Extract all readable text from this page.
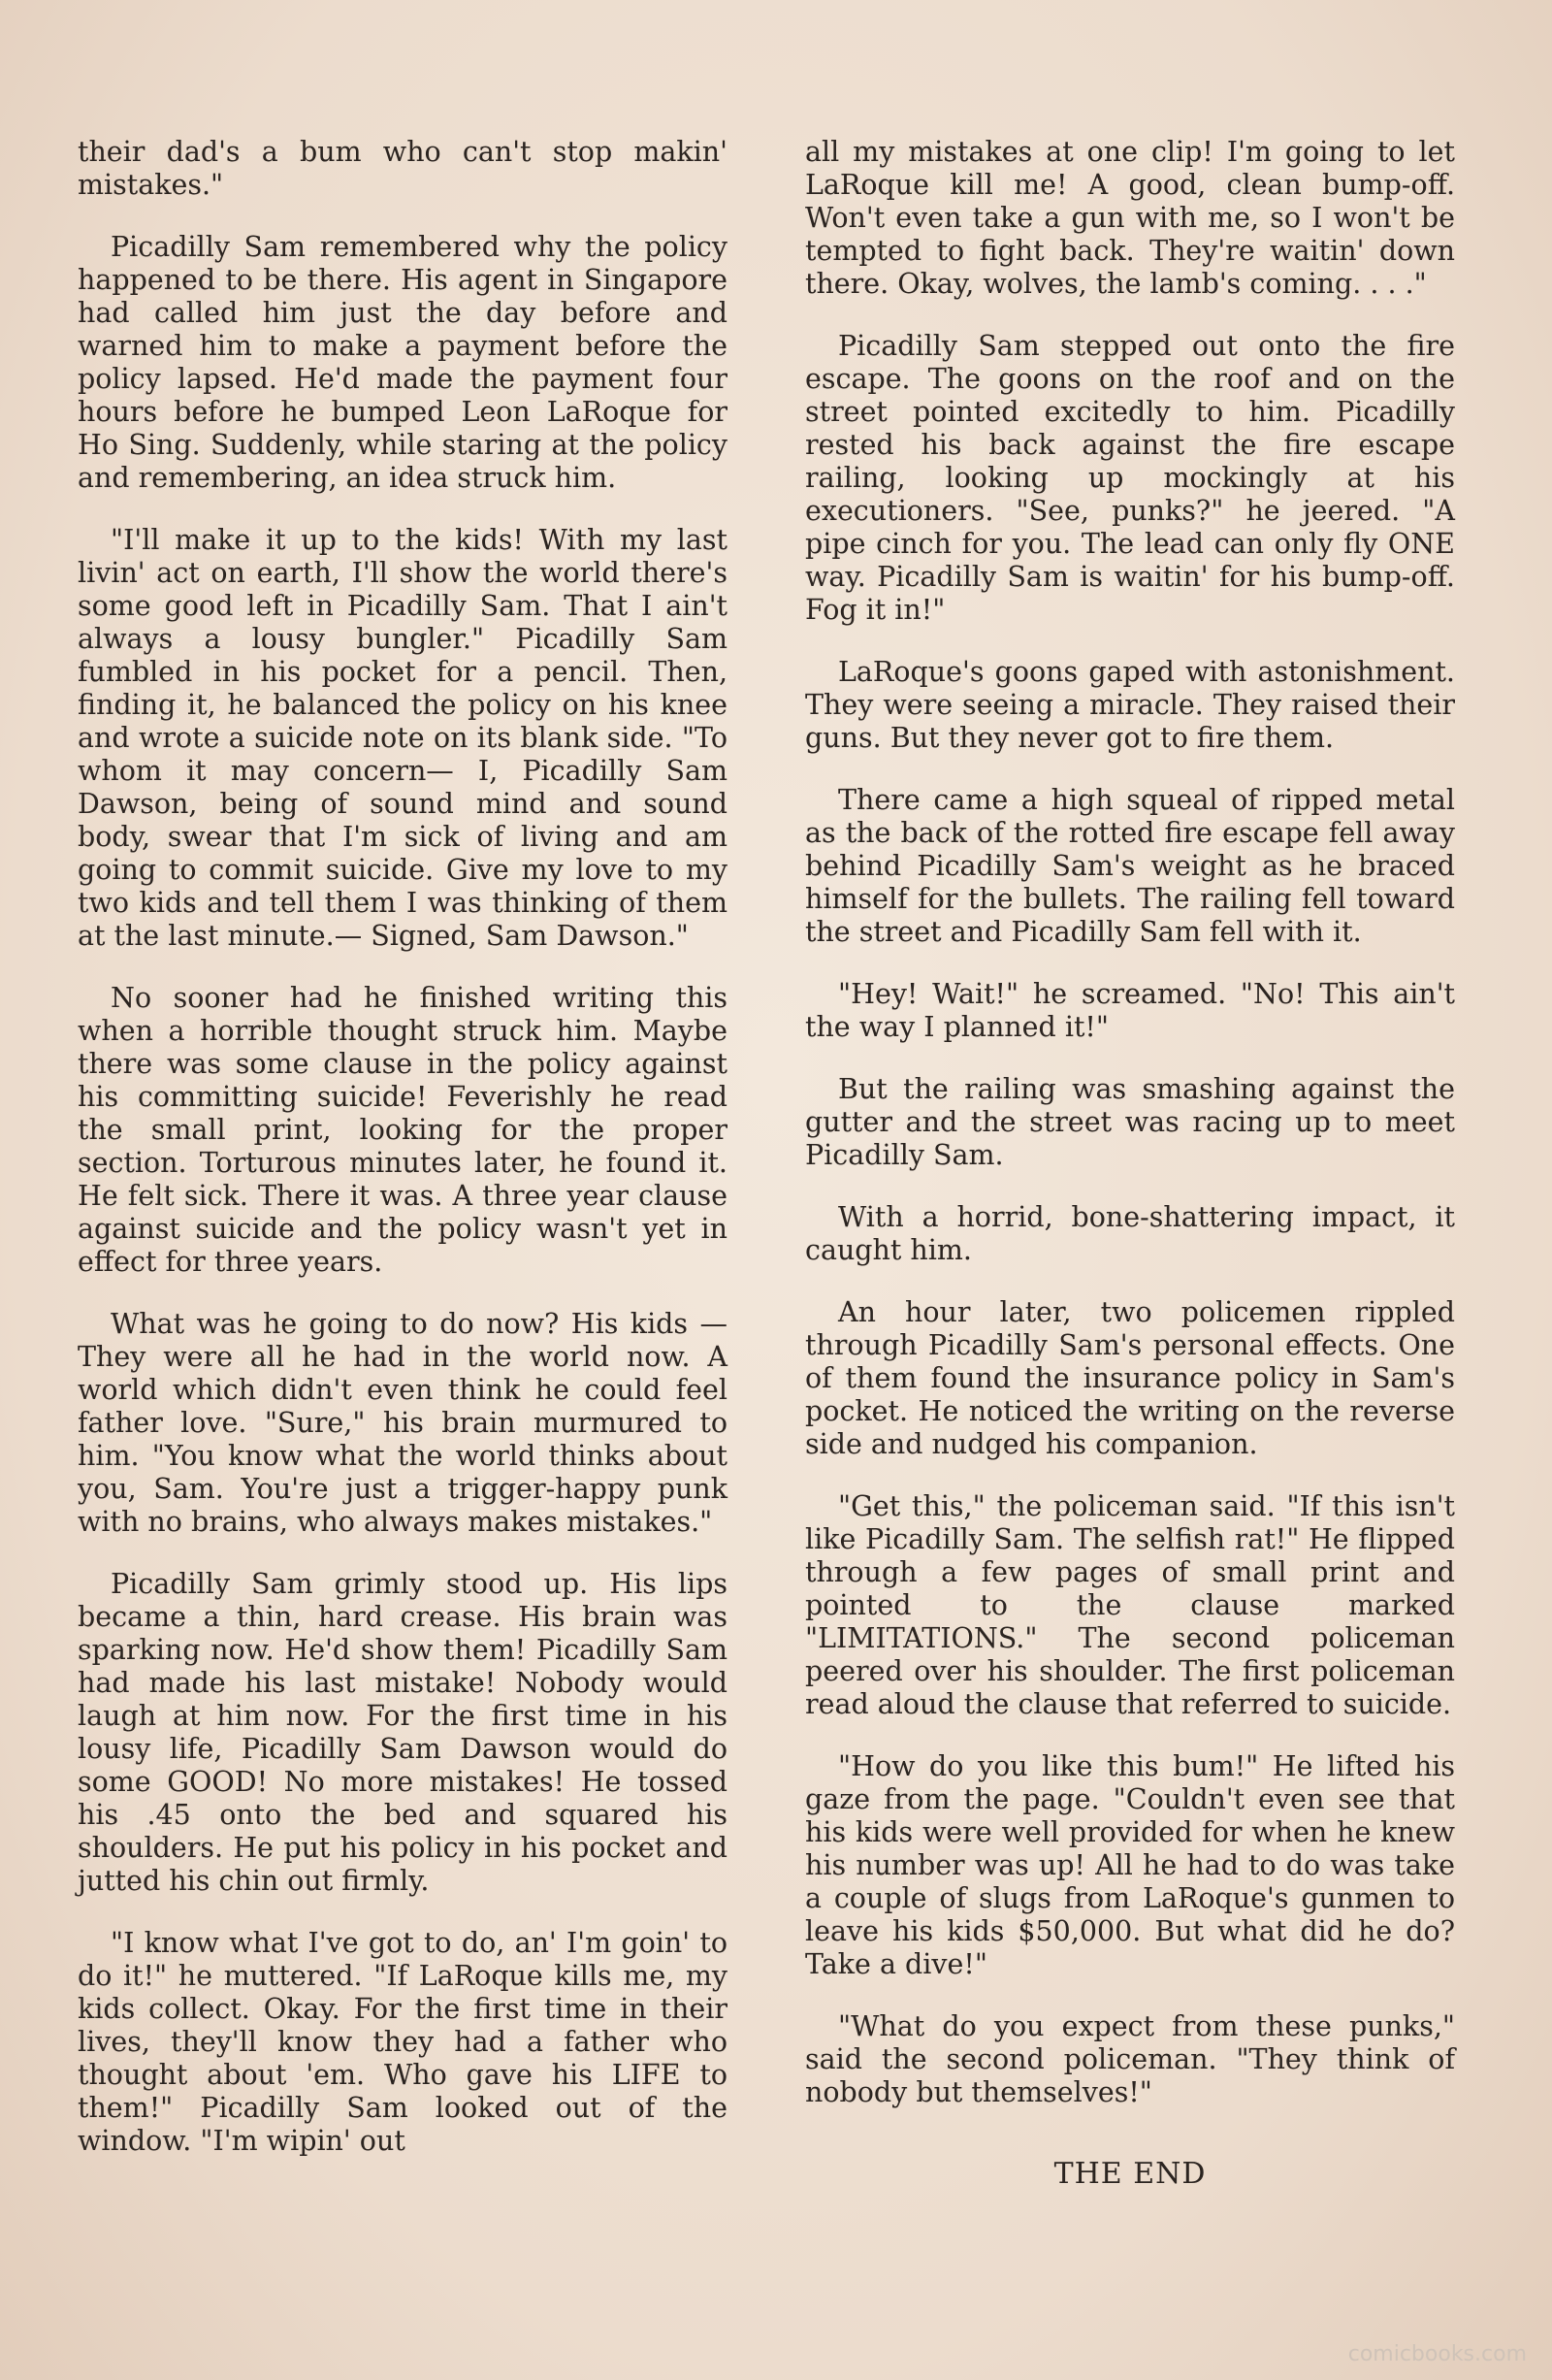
their dad's a bum who can't stop makin' mistakes."

Picadilly Sam remembered why the policy happened to be there. His agent in Singapore had called him just the day before and warned him to make a payment before the policy lapsed. He'd made the payment four hours before he bumped Leon LaRoque for Ho Sing. Suddenly, while staring at the policy and remembering, an idea struck him.

"I'll make it up to the kids! With my last livin' act on earth, I'll show the world there's some good left in Picadilly Sam. That I ain't always a lousy bungler." Picadilly Sam fumbled in his pocket for a pencil. Then, finding it, he balanced the policy on his knee and wrote a suicide note on its blank side. "To whom it may concern— I, Picadilly Sam Dawson, being of sound mind and sound body, swear that I'm sick of living and am going to commit suicide. Give my love to my two kids and tell them I was thinking of them at the last minute.— Signed, Sam Dawson."

No sooner had he finished writing this when a horrible thought struck him. Maybe there was some clause in the policy against his committing suicide! Feverishly he read the small print, looking for the proper section. Torturous minutes later, he found it. He felt sick. There it was. A three year clause against suicide and the policy wasn't yet in effect for three years.

What was he going to do now? His kids —They were all he had in the world now. A world which didn't even think he could feel father love. "Sure," his brain murmured to him. "You know what the world thinks about you, Sam. You're just a trigger-happy punk with no brains, who always makes mistakes."

Picadilly Sam grimly stood up. His lips became a thin, hard crease. His brain was sparking now. He'd show them! Picadilly Sam had made his last mistake! Nobody would laugh at him now. For the first time in his lousy life, Picadilly Sam Dawson would do some GOOD! No more mistakes! He tossed his .45 onto the bed and squared his shoulders. He put his policy in his pocket and jutted his chin out firmly.

"I know what I've got to do, an' I'm goin' to do it!" he muttered. "If LaRoque kills me, my kids collect. Okay. For the first time in their lives, they'll know they had a father who thought about 'em. Who gave his LIFE to them!" Picadilly Sam looked out of the window. "I'm wipin' out

all my mistakes at one clip! I'm going to let LaRoque kill me! A good, clean bump-off. Won't even take a gun with me, so I won't be tempted to fight back. They're waitin' down there. Okay, wolves, the lamb's coming. . . ."

Picadilly Sam stepped out onto the fire escape. The goons on the roof and on the street pointed excitedly to him. Picadilly rested his back against the fire escape railing, looking up mockingly at his executioners. "See, punks?" he jeered. "A pipe cinch for you. The lead can only fly ONE way. Picadilly Sam is waitin' for his bump-off. Fog it in!"

LaRoque's goons gaped with astonishment. They were seeing a miracle. They raised their guns. But they never got to fire them.

There came a high squeal of ripped metal as the back of the rotted fire escape fell away behind Picadilly Sam's weight as he braced himself for the bullets. The railing fell toward the street and Picadilly Sam fell with it.

"Hey! Wait!" he screamed. "No! This ain't the way I planned it!"

But the railing was smashing against the gutter and the street was racing up to meet Picadilly Sam.

With a horrid, bone-shattering impact, it caught him.

An hour later, two policemen rippled through Picadilly Sam's personal effects. One of them found the insurance policy in Sam's pocket. He noticed the writing on the reverse side and nudged his companion.

"Get this," the policeman said. "If this isn't like Picadilly Sam. The selfish rat!" He flipped through a few pages of small print and pointed to the clause marked "LIMITATIONS." The second policeman peered over his shoulder. The first policeman read aloud the clause that referred to suicide.

"How do you like this bum!" He lifted his gaze from the page. "Couldn't even see that his kids were well provided for when he knew his number was up! All he had to do was take a couple of slugs from LaRoque's gunmen to leave his kids $50,000. But what did he do? Take a dive!"

"What do you expect from these punks," said the second policeman. "They think of nobody but themselves!"

THE END

comicbooks.com
